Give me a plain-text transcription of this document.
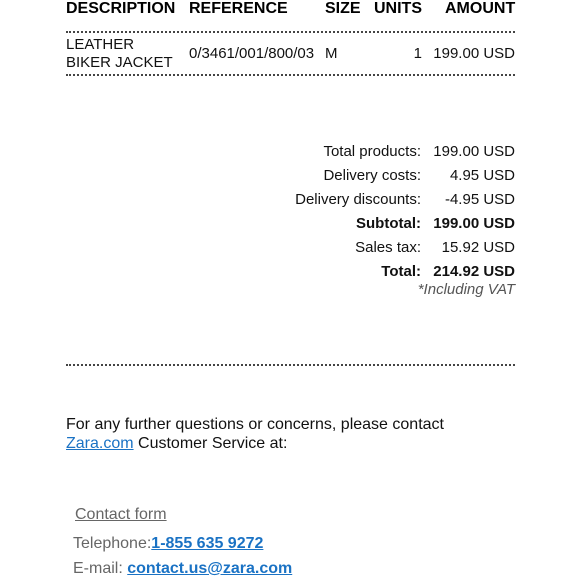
DESCRIPTION REFERENCE SIZE UNITS AMOUNT
LEATHER
BIKER JACKET
0/3461/001/800/03 M	1 199.00 USD
Total products: 199.00 USD
Delivery costs:	4.95 USD
Delivery discounts:	-4.95 USD
Subtotal: 199.00 USD
Sales tax:	15.92 USD
Total: 214.92 USD
*Including VAT
For any further questions or concerns, please contact
Zara.com Customer Service at:
Contact form
Telephone:1-855 635 9272
E-mail: contact.us@zara.com
